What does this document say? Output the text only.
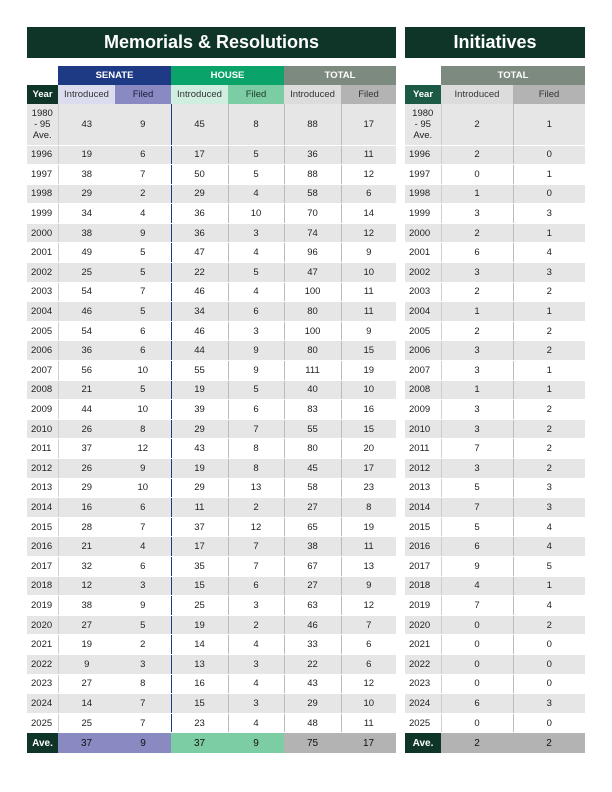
Memorials & Resolutions	Initiatives
	SENATE		HOUSE		TOTAL	
Year	Introduced	Filed	Introduced	Filed	Introduced	Filed
1980
- 95
Ave.	43	9	45	8	88	17
1996	19	6	17	5	36	11
1997	38	7	50	5	88	12
1998	29	2	29	4	58	6
1999	34	4	36	10	70	14
2000	38	9	36	3	74	12
2001	49	5	47	4	96	9
2002	25	5	22	5	47	10
2003	54	7	46	4	100	11
2004	46	5	34	6	80	11
2005	54	6	46	3	100	9
2006	36	6	44	9	80	15
2007	56	10	55	9	111	19
2008	21	5	19	5	40	10
2009	44	10	39	6	83	16
2010	26	8	29	7	55	15
2011	37	12	43	8	80	20
2012	26	9	19	8	45	17
2013	29	10	29	13	58	23
2014	16	6	11	2	27	8
2015	28	7	37	12	65	19
2016	21	4	17	7	38	11
2017	32	6	35	7	67	13
2018	12	3	15	6	27	9
2019	38	9	25	3	63	12
2020	27	5	19	2	46	7
2021	19	2	14	4	33	6
2022	9	3	13	3	22	6
2023	27	8	16	4	43	12
2024	14	7	15	3	29	10
2025	25	7	23	4	48	11
Ave.	37	9	37	9	75	17
	TOTAL	
Year	Introduced	Filed
1980
- 95
Ave.	2	1
1996	2	0
1997	0	1
1998	1	0
1999	3	3
2000	2	1
2001	6	4
2002	3	3
2003	2	2
2004	1	1
2005	2	2
2006	3	2
2007	3	1
2008	1	1
2009	3	2
2010	3	2
2011	7	2
2012	3	2
2013	5	3
2014	7	3
2015	5	4
2016	6	4
2017	9	5
2018	4	1
2019	7	4
2020	0	2
2021	0	0
2022	0	0
2023	0	0
2024	6	3
2025	0	0
Ave.	2	2
